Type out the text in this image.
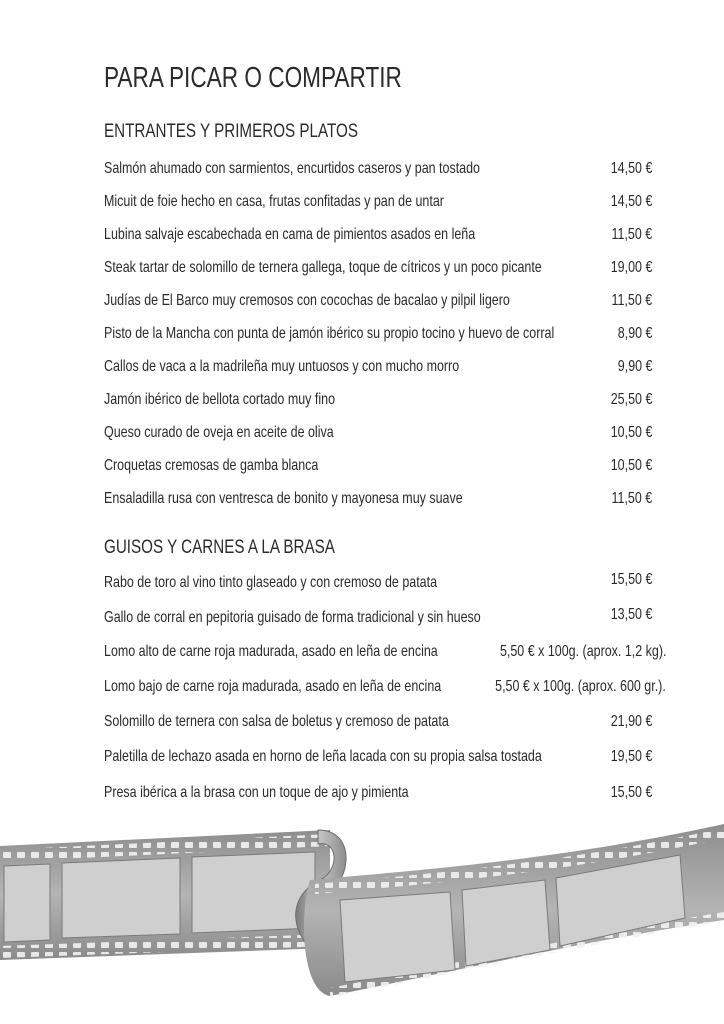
PARA PICAR O COMPARTIR
ENTRANTES Y PRIMEROS PLATOS
Salmón ahumado con sarmientos, encurtidos caseros y pan tostado	14,50 €
Micuit de foie hecho en casa, frutas confitadas y pan de untar	14,50 €
Lubina salvaje escabechada en cama de pimientos asados en leña	11,50 €
Steak tartar de solomillo de ternera gallega, toque de cítricos y un poco picante	19,00 €
Judías de El Barco muy cremosos con cocochas de bacalao y pilpil ligero	11,50 €
Pisto de la Mancha con punta de jamón ibérico su propio tocino y huevo de corral	8,90 €
Callos de vaca a la madrileña muy untuosos y con mucho morro	9,90 €
Jamón ibérico de bellota cortado muy fino	25,50 €
Queso curado de oveja en aceite de oliva	10,50 €
Croquetas cremosas de gamba blanca	10,50 €
Ensaladilla rusa con ventresca de bonito y mayonesa muy suave	11,50 €
GUISOS Y CARNES A LA BRASA
Rabo de toro al vino tinto glaseado y con cremoso de patata	15,50 €
Gallo de corral en pepitoria guisado de forma tradicional y sin hueso	13,50 €
Lomo alto de carne roja madurada, asado en leña de encina	5,50 € x 100g. (aprox. 1,2 kg).
Lomo bajo de carne roja madurada, asado en leña de encina	5,50 € x 100g. (aprox. 600 gr.).
Solomillo de ternera con salsa de boletus y cremoso de patata	21,90 €
Paletilla de lechazo asada en horno de leña lacada con su propia salsa tostada	19,50 €
Presa ibérica a la brasa con un toque de ajo y pimienta	15,50 €
